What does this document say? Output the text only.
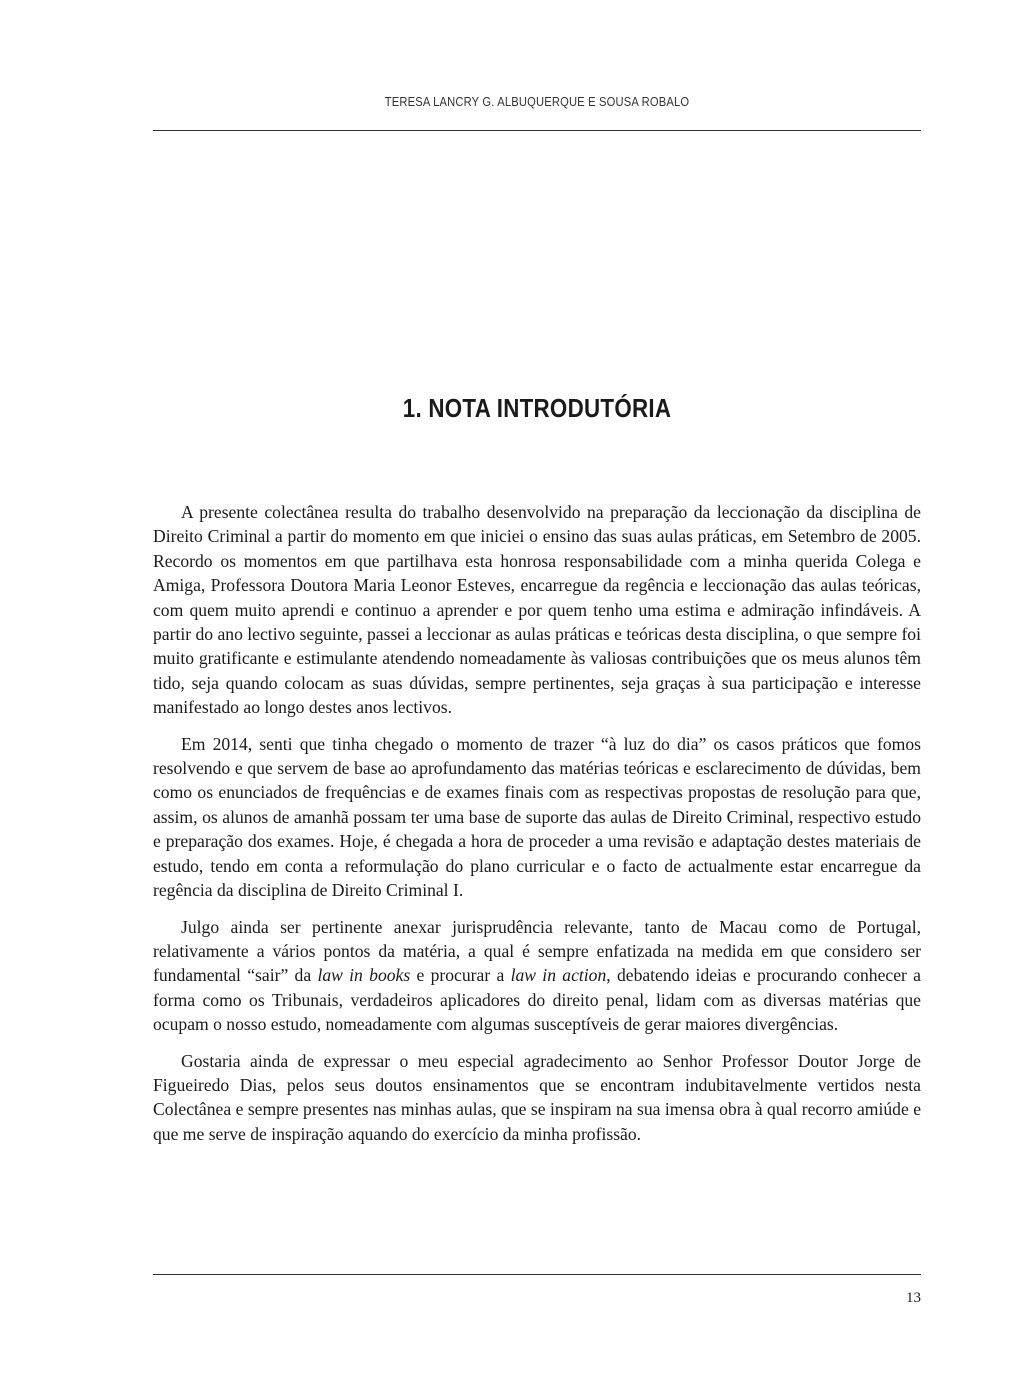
TERESA LANCRY G. ALBUQUERQUE E SOUSA ROBALO
1. NOTA INTRODUTÓRIA

A presente colectânea resulta do trabalho desenvolvido na preparação da leccionação da disciplina de Direito Criminal a partir do momento em que iniciei o ensino das suas aulas práticas, em Setembro de 2005. Recordo os momentos em que partilhava esta honrosa responsabilidade com a minha querida Colega e Amiga, Professora Doutora Maria Leonor Esteves, encarregue da regência e leccionação das aulas teóricas, com quem muito aprendi e continuo a aprender e por quem tenho uma estima e admiração infindáveis. A partir do ano lectivo seguinte, passei a leccionar as aulas práticas e teóricas desta disciplina, o que sempre foi muito gratificante e estimulante atendendo nomeadamente às valiosas contribuições que os meus alunos têm tido, seja quando colocam as suas dúvidas, sempre pertinentes, seja graças à sua participação e interesse manifestado ao longo destes anos lectivos.

Em 2014, senti que tinha chegado o momento de trazer “à luz do dia” os casos práticos que fomos resolvendo e que servem de base ao aprofundamento das matérias teóricas e esclarecimento de dúvidas, bem como os enunciados de frequências e de exames finais com as respectivas propostas de resolução para que, assim, os alunos de amanhã possam ter uma base de suporte das aulas de Direito Criminal, respectivo estudo e preparação dos exames. Hoje, é chegada a hora de proceder a uma revisão e adaptação destes materiais de estudo, tendo em conta a reformulação do plano curricular e o facto de actualmente estar encarregue da regência da disciplina de Direito Criminal I.

Julgo ainda ser pertinente anexar jurisprudência relevante, tanto de Macau como de Portugal, relativamente a vários pontos da matéria, a qual é sempre enfatizada na medida em que considero ser fundamental “sair” da law in books e procurar a law in action, debatendo ideias e procurando conhecer a forma como os Tribunais, verdadeiros aplicadores do direito penal, lidam com as diversas matérias que ocupam o nosso estudo, nomeadamente com algumas susceptíveis de gerar maiores divergências.

Gostaria ainda de expressar o meu especial agradecimento ao Senhor Professor Doutor Jorge de Figueiredo Dias, pelos seus doutos ensinamentos que se encontram indubitavelmente vertidos nesta Colectânea e sempre presentes nas minhas aulas, que se inspiram na sua imensa obra à qual recorro amiúde e que me serve de inspiração aquando do exercício da minha profissão.

13
